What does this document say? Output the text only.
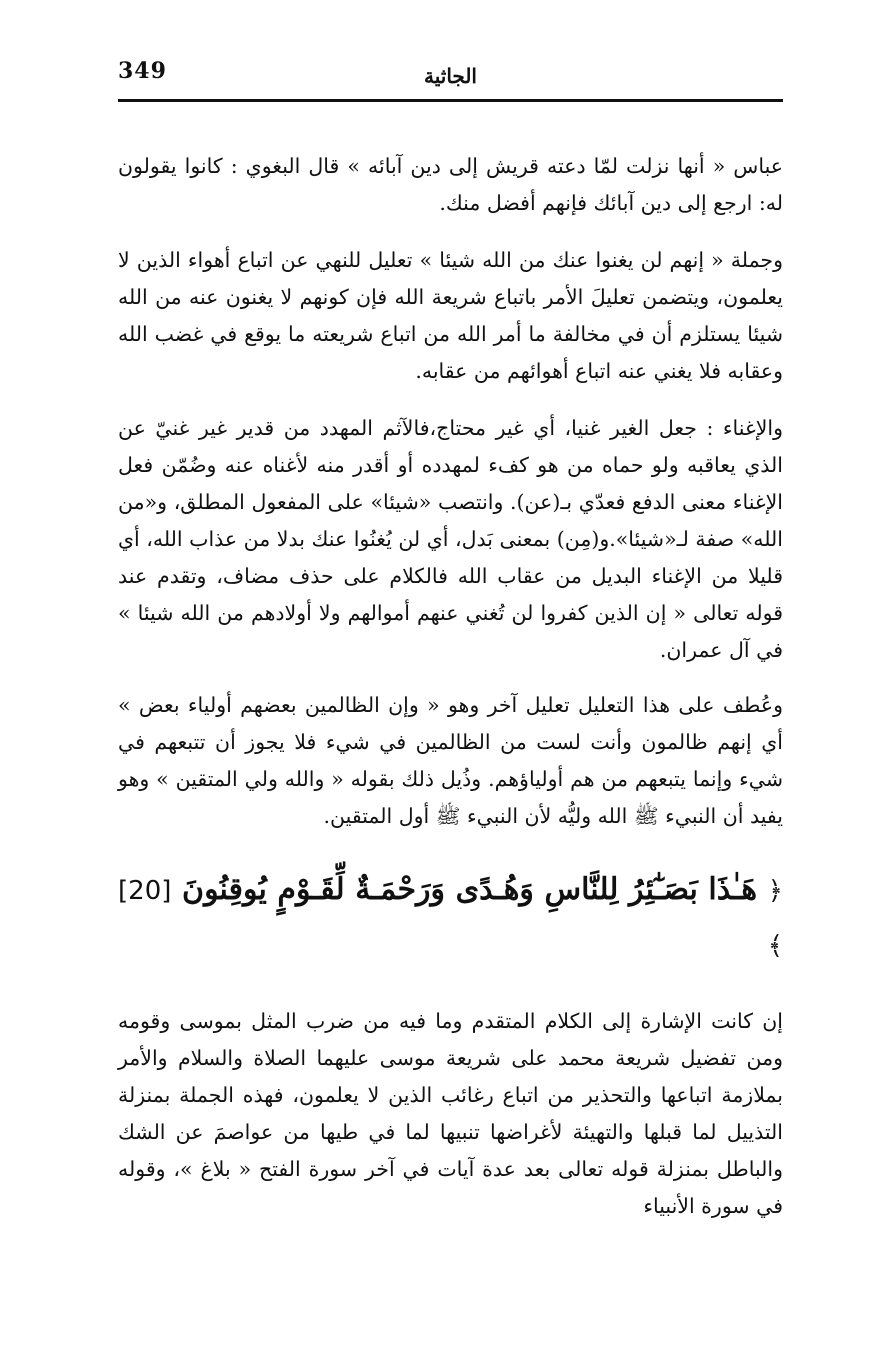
349	الجاثية

عباس « أنها نزلت لمّا دعته قريش إلى دين آبائه » قال البغوي : كانوا يقولون له: ارجع إلى دين آبائك فإنهم أفضل منك.

وجملة « إنهم لن يغنوا عنك من الله شيئا » تعليل للنهي عن اتباع أهواء الذين لا يعلمون، ويتضمن تعليلَ الأمر باتباع شريعة الله فإن كونهم لا يغنون عنه من الله شيئا يستلزم أن في مخالفة ما أمر الله من اتباع شريعته ما يوقع في غضب الله وعقابه فلا يغني عنه اتباع أهوائهم من عقابه.

والإغناء : جعل الغير غنيا، أي غير محتاج،فالآثم المهدد من قدير غير غنيّ عن الذي يعاقبه ولو حماه من هو كفء لمهدده أو أقدر منه لأغناه عنه وضُمّن فعل الإغناء معنى الدفع فعدّي بـ(عن). وانتصب «شيئا» على المفعول المطلق، و«من الله» صفة لـ«شيئا».و(مِن) بمعنى بَدل، أي لن يُغنُوا عنك بدلا من عذاب الله، أي قليلا من الإغناء البديل من عقاب الله فالكلام على حذف مضاف، وتقدم عند قوله تعالى « إن الذين كفروا لن تُغني عنهم أموالهم ولا أولادهم من الله شيئا » في آل عمران.

وعُطف على هذا التعليل تعليل آخر وهو « وإن الظالمين بعضهم أولياء بعض » أي إنهم ظالمون وأنت لست من الظالمين في شيء فلا يجوز أن تتبعهم في شيء وإنما يتبعهم من هم أولياؤهم. وذُيل ذلك بقوله « والله ولي المتقين » وهو يفيد أن النبيء ﷺ الله وليُّه لأن النبيء ﷺ أول المتقين.

﴿ هَـٰذَا بَصَـٰٓئِرُ لِلنَّاسِ وَهُـدًى وَرَحْمَـةٌ لِّقَـوْمٍ يُوقِنُونَ [20] ﴾

إن كانت الإشارة إلى الكلام المتقدم وما فيه من ضرب المثل بموسى وقومه ومن تفضيل شريعة محمد على شريعة موسى عليهما الصلاة والسلام والأمر بملازمة اتباعها والتحذير من اتباع رغائب الذين لا يعلمون، فهذه الجملة بمنزلة التذييل لما قبلها والتهيئة لأغراضها تنبيها لما في طيها من عواصمَ عن الشك والباطل بمنزلة قوله تعالى بعد عدة آيات في آخر سورة الفتح « بلاغ »، وقوله في سورة الأنبياء
